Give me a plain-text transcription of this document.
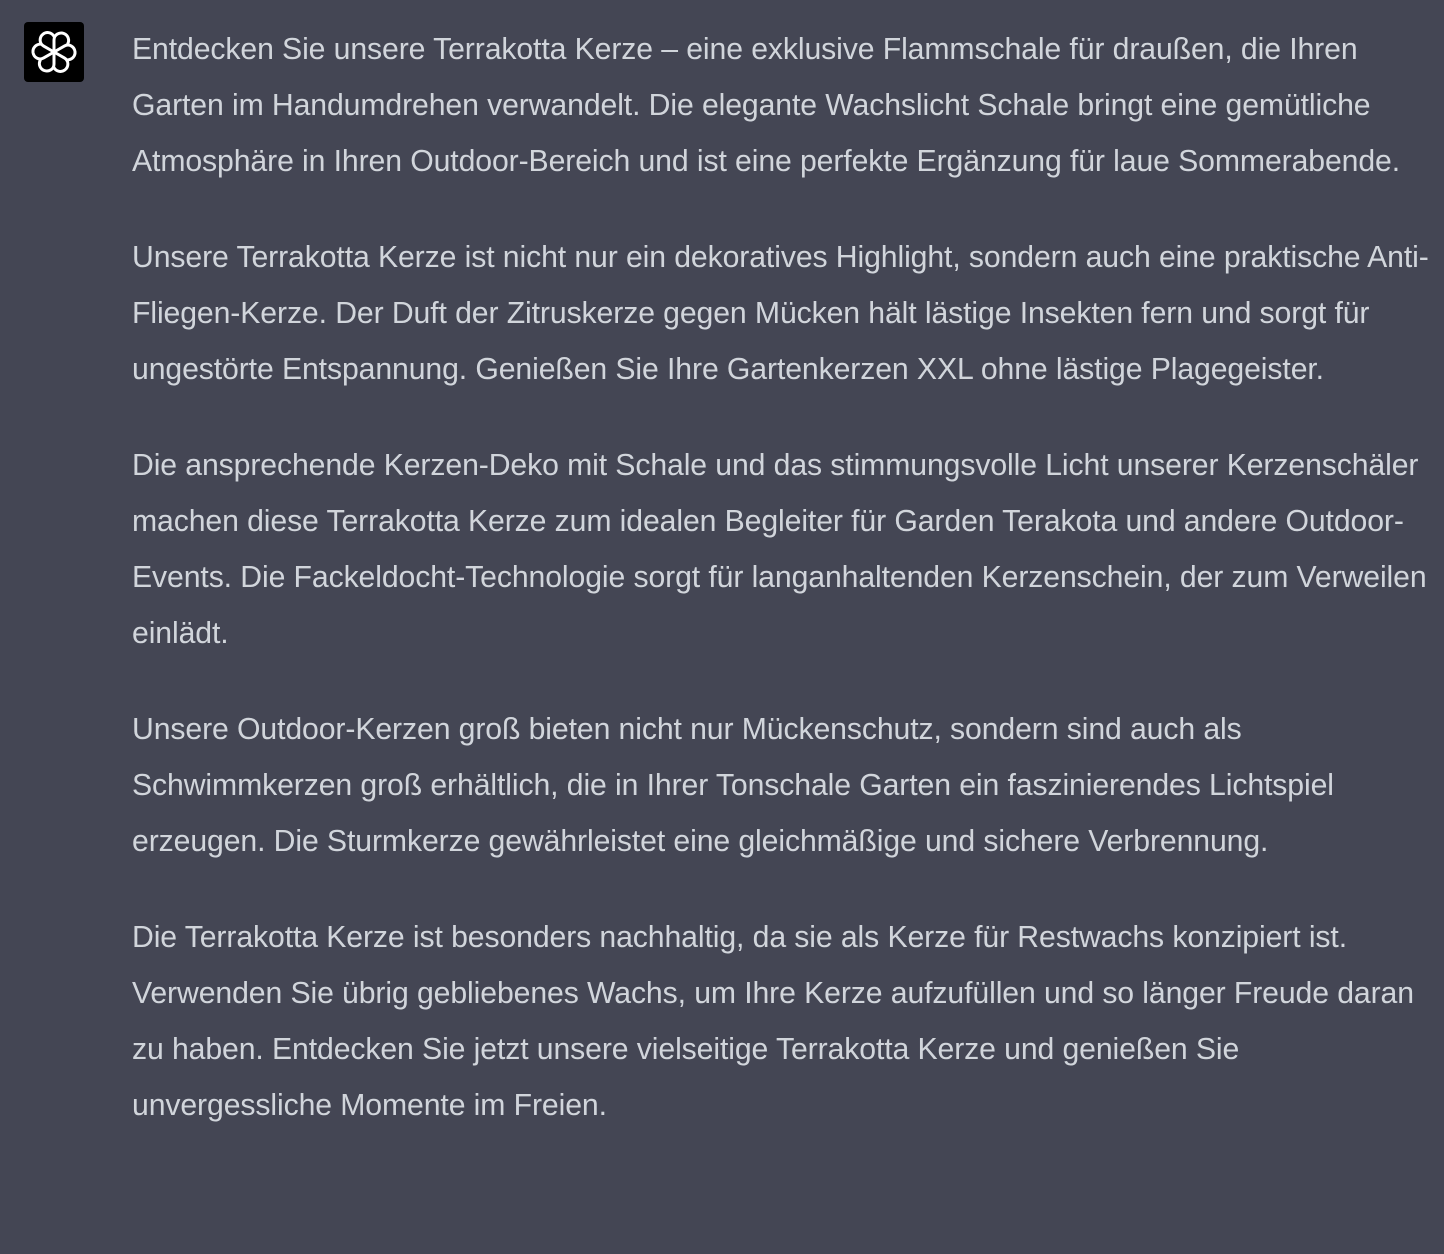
Entdecken Sie unsere Terrakotta Kerze – eine exklusive Flammschale für draußen, die Ihren Garten im Handumdrehen verwandelt. Die elegante Wachslicht Schale bringt eine gemütliche Atmosphäre in Ihren Outdoor-Bereich und ist eine perfekte Ergänzung für laue Sommerabende.

Unsere Terrakotta Kerze ist nicht nur ein dekoratives Highlight, sondern auch eine praktische Anti-Fliegen-Kerze. Der Duft der Zitruskerze gegen Mücken hält lästige Insekten fern und sorgt für ungestörte Entspannung. Genießen Sie Ihre Gartenkerzen XXL ohne lästige Plagegeister.

Die ansprechende Kerzen-Deko mit Schale und das stimmungsvolle Licht unserer Kerzenschäler machen diese Terrakotta Kerze zum idealen Begleiter für Garden Terakota und andere Outdoor-Events. Die Fackeldocht-Technologie sorgt für langanhaltenden Kerzenschein, der zum Verweilen einlädt.

Unsere Outdoor-Kerzen groß bieten nicht nur Mückenschutz, sondern sind auch als Schwimmkerzen groß erhältlich, die in Ihrer Tonschale Garten ein faszinierendes Lichtspiel erzeugen. Die Sturmkerze gewährleistet eine gleichmäßige und sichere Verbrennung.

Die Terrakotta Kerze ist besonders nachhaltig, da sie als Kerze für Restwachs konzipiert ist. Verwenden Sie übrig gebliebenes Wachs, um Ihre Kerze aufzufüllen und so länger Freude daran zu haben. Entdecken Sie jetzt unsere vielseitige Terrakotta Kerze und genießen Sie unvergessliche Momente im Freien.
